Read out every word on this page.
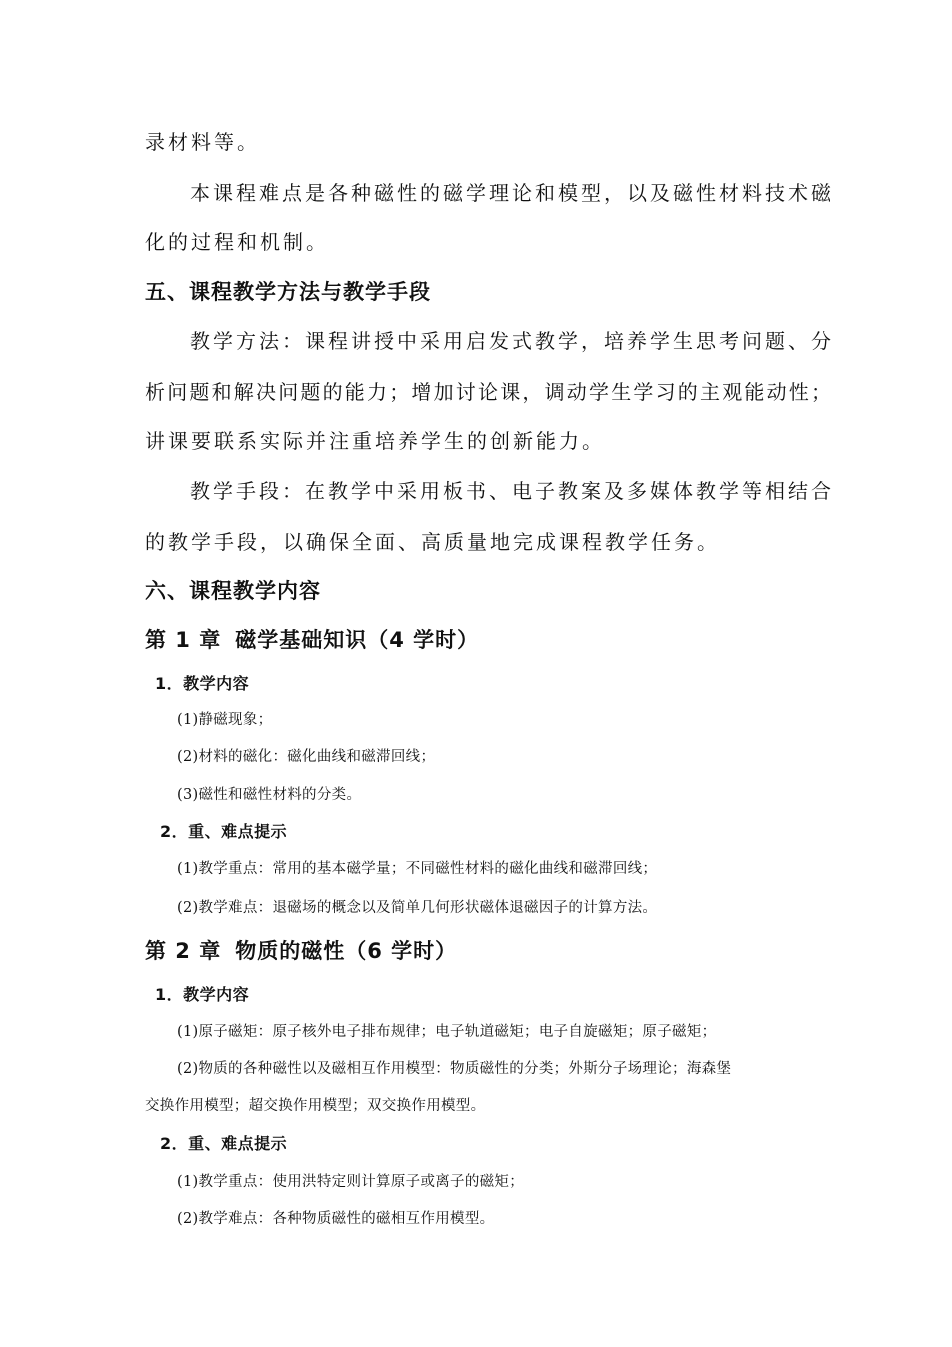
录材料等。

本课程难点是各种磁性的磁学理论和模型，以及磁性材料技术磁

化的过程和机制。

五、课程教学方法与教学手段

教学方法：课程讲授中采用启发式教学，培养学生思考问题、分

析问题和解决问题的能力；增加讨论课，调动学生学习的主观能动性；

讲课要联系实际并注重培养学生的创新能力。

教学手段：在教学中采用板书、电子教案及多媒体教学等相结合

的教学手段，以确保全面、高质量地完成课程教学任务。

六、课程教学内容
第 1 章 磁学基础知识（4 学时）
1．教学内容

(1)静磁现象；

(2)材料的磁化：磁化曲线和磁滞回线；

(3)磁性和磁性材料的分类。

2．重、难点提示

(1)教学重点：常用的基本磁学量；不同磁性材料的磁化曲线和磁滞回线；

(2)教学难点：退磁场的概念以及简单几何形状磁体退磁因子的计算方法。

第 2 章 物质的磁性（6 学时）
1．教学内容

(1)原子磁矩：原子核外电子排布规律；电子轨道磁矩；电子自旋磁矩；原子磁矩；

(2)物质的各种磁性以及磁相互作用模型：物质磁性的分类；外斯分子场理论；海森堡

交换作用模型；超交换作用模型；双交换作用模型。

2．重、难点提示

(1)教学重点：使用洪特定则计算原子或离子的磁矩；

(2)教学难点：各种物质磁性的磁相互作用模型。
